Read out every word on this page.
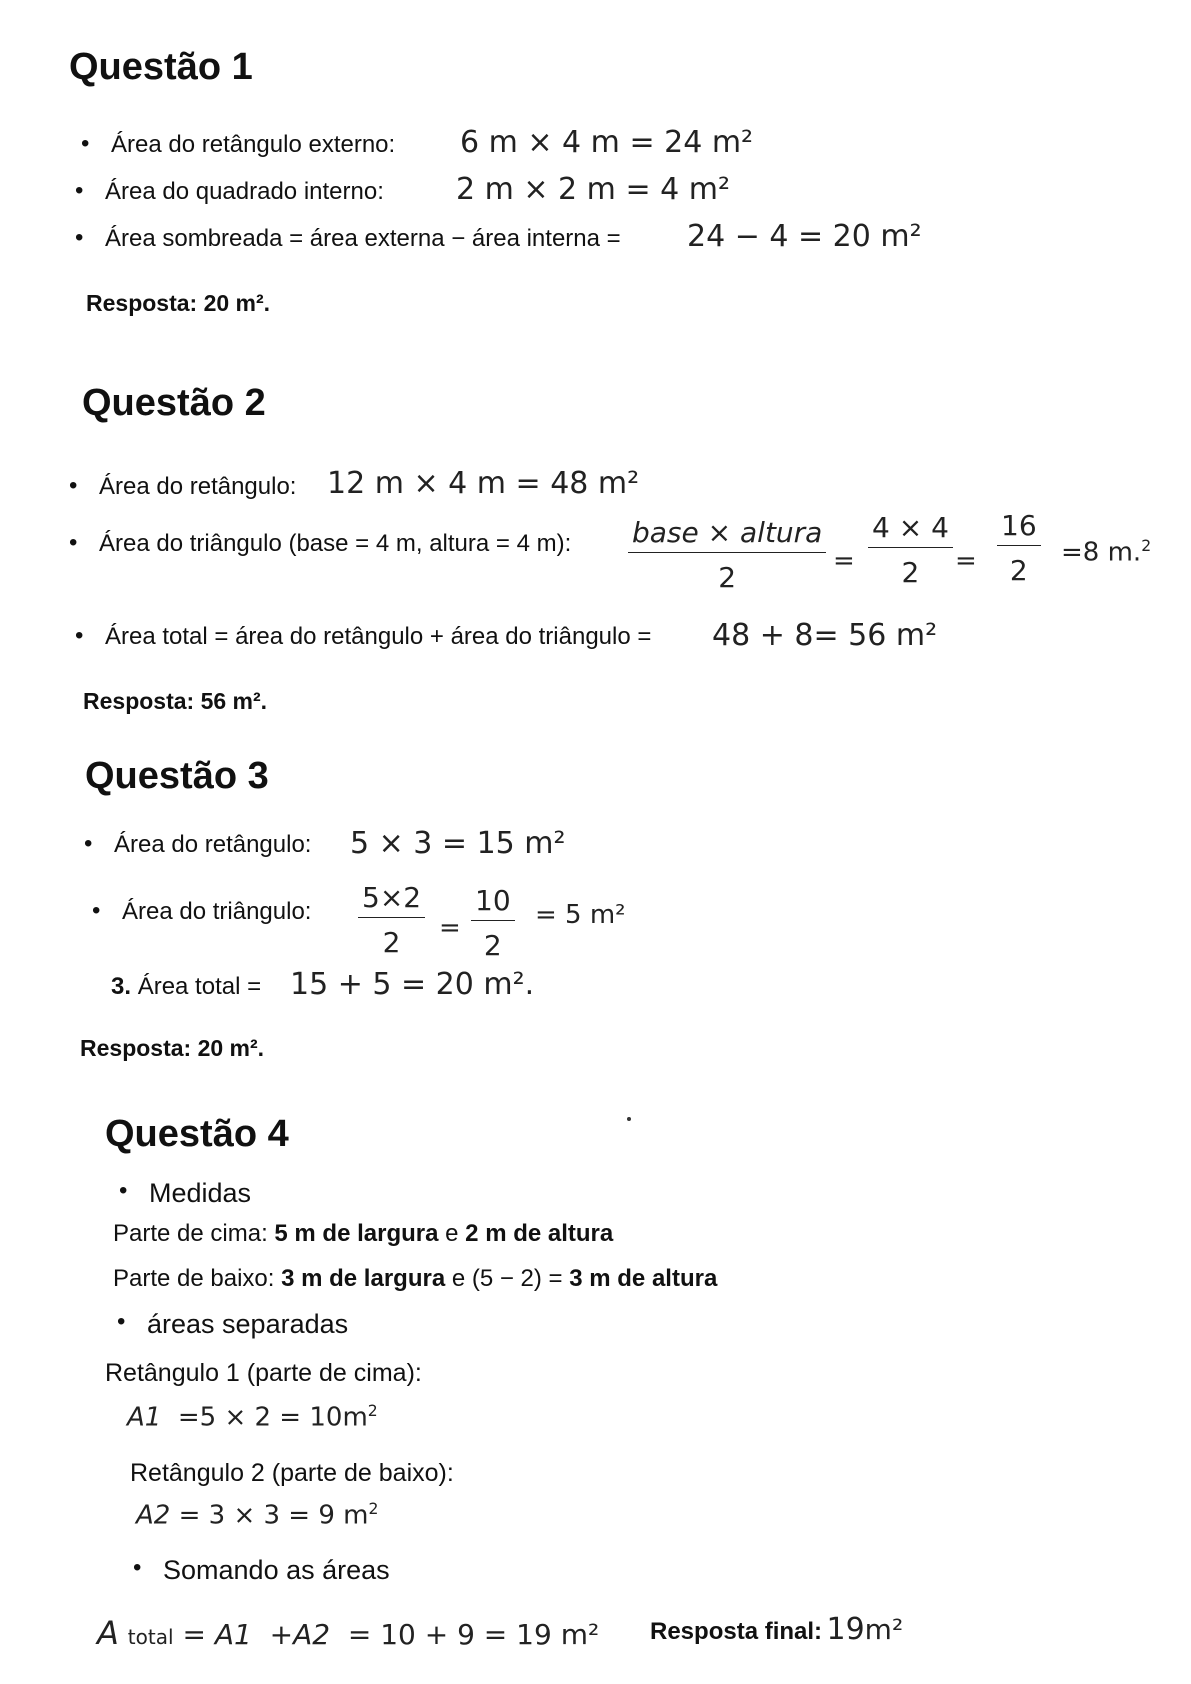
Questão 1
• Área do retângulo externo: 6 m × 4 m = 24 m²
• Área do quadrado interno: 2 m × 2 m = 4 m²
• Área sombreada = área externa − área interna = 24 − 4 = 20 m²
Resposta: 20 m².
Questão 2
• Área do retângulo: 12 m × 4 m = 48 m²
• Área do triângulo (base = 4 m, altura = 4 m): base × altura
2	= $\frac{4 \times 4}{2} = \frac{16}{2} =8$ m.$^2$
• Área total = área do retângulo + área do triângulo = 48 + 8= 56 m²
Resposta: 56 m².
Questão 3
• Área do retângulo: 5 × 3 = 15 m²
• Área do triângulo: $\frac{5\times 2}{2} = \frac{10}{2} = 5$ m²
3. Área total = 15 + 5 = 20 m².
Resposta: 20 m².
Questão 4
• Medidas
Parte de cima: 5 m de largura e 2 m de altura
Parte de baixo: 3 m de largura e (5 − 2) = 3 m de altura
• áreas separadas
Retângulo 1 (parte de cima):
$A1 =5 \times 2 = 10m^2$
Retângulo 2 (parte de baixo):
A2 = 3 × 3 = 9 $m^2$
• Somando as áreas
A total = A1 +A2 = 10 + 9 = 19 m² Resposta final: 19m²
